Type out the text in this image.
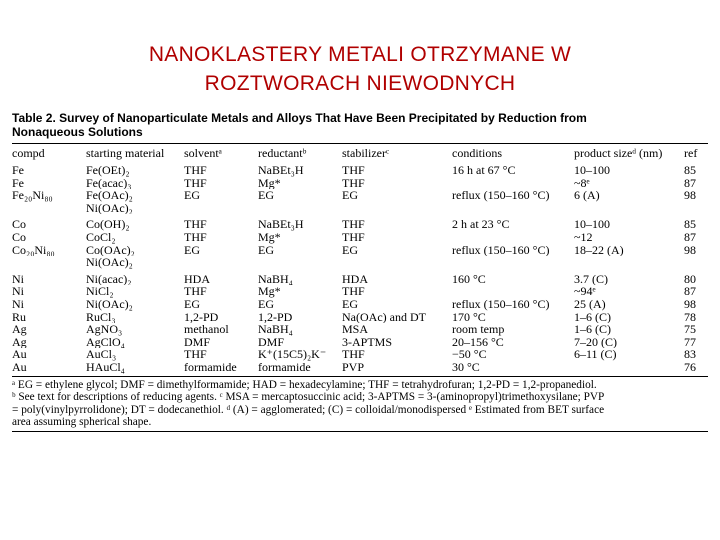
NANOKLASTERY METALI OTRZYMANE W
ROZTWORACH NIEWODNYCH
Table 2. Survey of Nanoparticulate Metals and Alloys That Have Been Precipitated by Reduction from
Nonaqueous Solutions
compd	starting material	solventᵃ	reductantᵇ	stabilizerᶜ	conditions	product sizeᵈ (nm)	ref
Fe	Fe(OEt)₂	THF	NaBEt₃H	THF	16 h at 67 °C	10–100	85
Fe	Fe(acac)₃	THF	Mg*	THF		~8ᵉ	87
Fe₂₀Ni₈₀	Fe(OAc)₂	EG	EG	EG	reflux (150–160 °C)	6 (A)	98
	Ni(OAc)₂						
Co	Co(OH)₂	THF	NaBEt₃H	THF	2 h at 23 °C	10–100	85
Co	CoCl₂	THF	Mg*	THF		~12	87
Co₂₀Ni₈₀	Co(OAc)₂	EG	EG	EG	reflux (150–160 °C)	18–22 (A)	98
	Ni(OAc)₂						
Ni	Ni(acac)₂	HDA	NaBH₄	HDA	160 °C	3.7 (C)	80
Ni	NiCl₂	THF	Mg*	THF		~94ᵉ	87
Ni	Ni(OAc)₂	EG	EG	EG	reflux (150–160 °C)	25 (A)	98
Ru	RuCl₃	1,2-PD	1,2-PD	Na(OAc) and DT	170 °C	1–6 (C)	78
Ag	AgNO₃	methanol	NaBH₄	MSA	room temp	1–6 (C)	75
Ag	AgClO₄	DMF	DMF	3-APTMS	20–156 °C	7–20 (C)	77
Au	AuCl₃	THF	K⁺(15C5)₂K⁻	THF	−50 °C	6–11 (C)	83
Au	HAuCl₄	formamide	formamide	PVP	30 °C		76

ᵃ EG = ethylene glycol; DMF = dimethylformamide; HAD = hexadecylamine; THF = tetrahydrofuran; 1,2-PD = 1,2-propanediol.

ᵇ See text for descriptions of reducing agents. ᶜ MSA = mercaptosuccinic acid; 3-APTMS = 3-(aminopropyl)trimethoxysilane; PVP

= poly(vinylpyrrolidone); DT = dodecanethiol. ᵈ (A) = agglomerated; (C) = colloidal/monodispersed ᵉ Estimated from BET surface

area assuming spherical shape.
